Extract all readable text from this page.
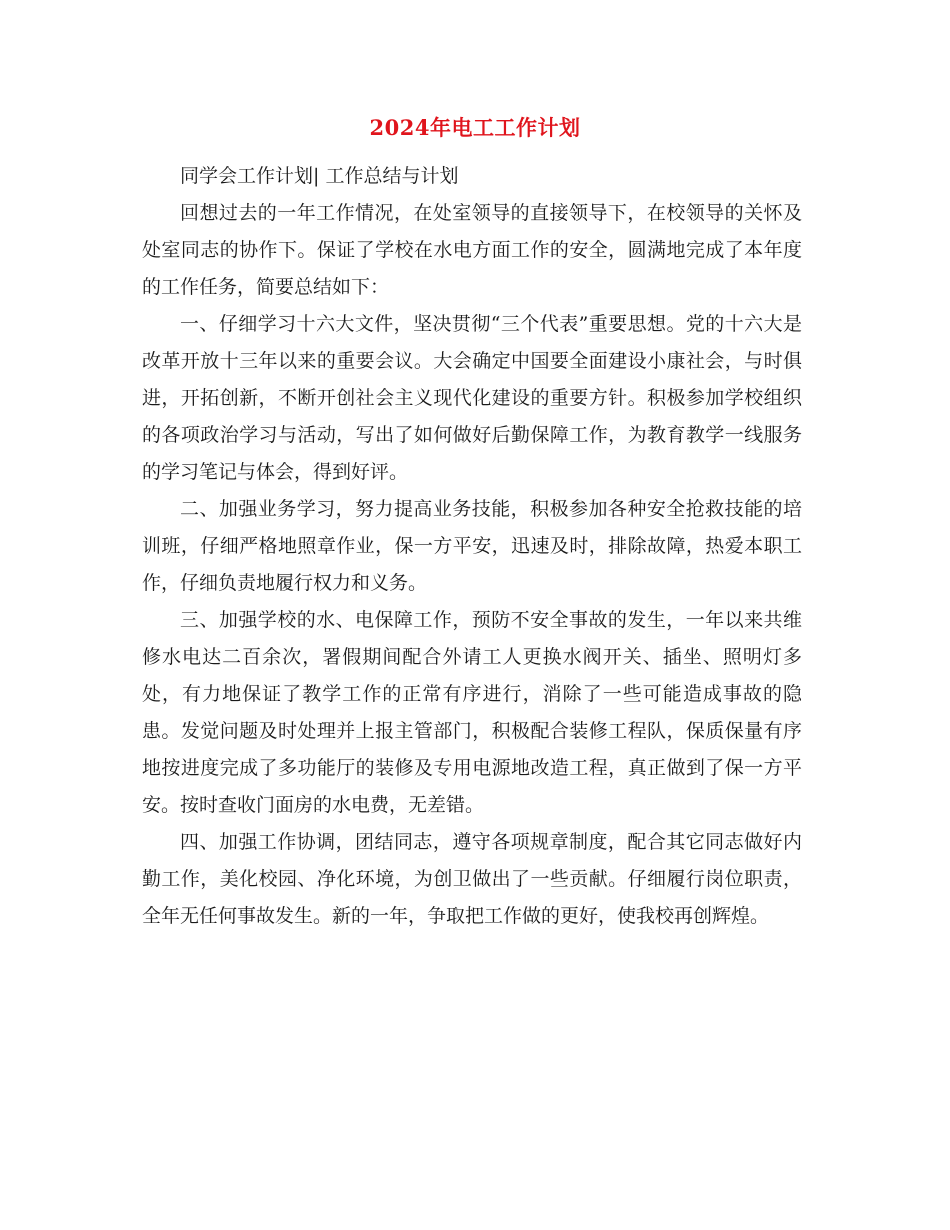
2024年电工工作计划

同学会工作计划| 工作总结与计划

回想过去的一年工作情况，在处室领导的直接领导下，在校领导的关怀及处室同志的协作下。保证了学校在水电方面工作的安全，圆满地完成了本年度的工作任务，简要总结如下：

一、仔细学习十六大文件，坚决贯彻“三个代表”重要思想。党的十六大是改革开放十三年以来的重要会议。大会确定中国要全面建设小康社会，与时俱进，开拓创新，不断开创社会主义现代化建设的重要方针。积极参加学校组织的各项政治学习与活动，写出了如何做好后勤保障工作，为教育教学一线服务的学习笔记与体会，得到好评。

二、加强业务学习，努力提高业务技能，积极参加各种安全抢救技能的培训班，仔细严格地照章作业，保一方平安，迅速及时，排除故障，热爱本职工作，仔细负责地履行权力和义务。

三、加强学校的水、电保障工作，预防不安全事故的发生，一年以来共维修水电达二百余次，署假期间配合外请工人更换水阀开关、插坐、照明灯多处，有力地保证了教学工作的正常有序进行，消除了一些可能造成事故的隐患。发觉问题及时处理并上报主管部门，积极配合装修工程队，保质保量有序地按进度完成了多功能厅的装修及专用电源地改造工程，真正做到了保一方平安。按时查收门面房的水电费，无差错。

四、加强工作协调，团结同志，遵守各项规章制度，配合其它同志做好内勤工作，美化校园、净化环境，为创卫做出了一些贡献。仔细履行岗位职责，全年无任何事故发生。新的一年，争取把工作做的更好，使我校再创辉煌。
